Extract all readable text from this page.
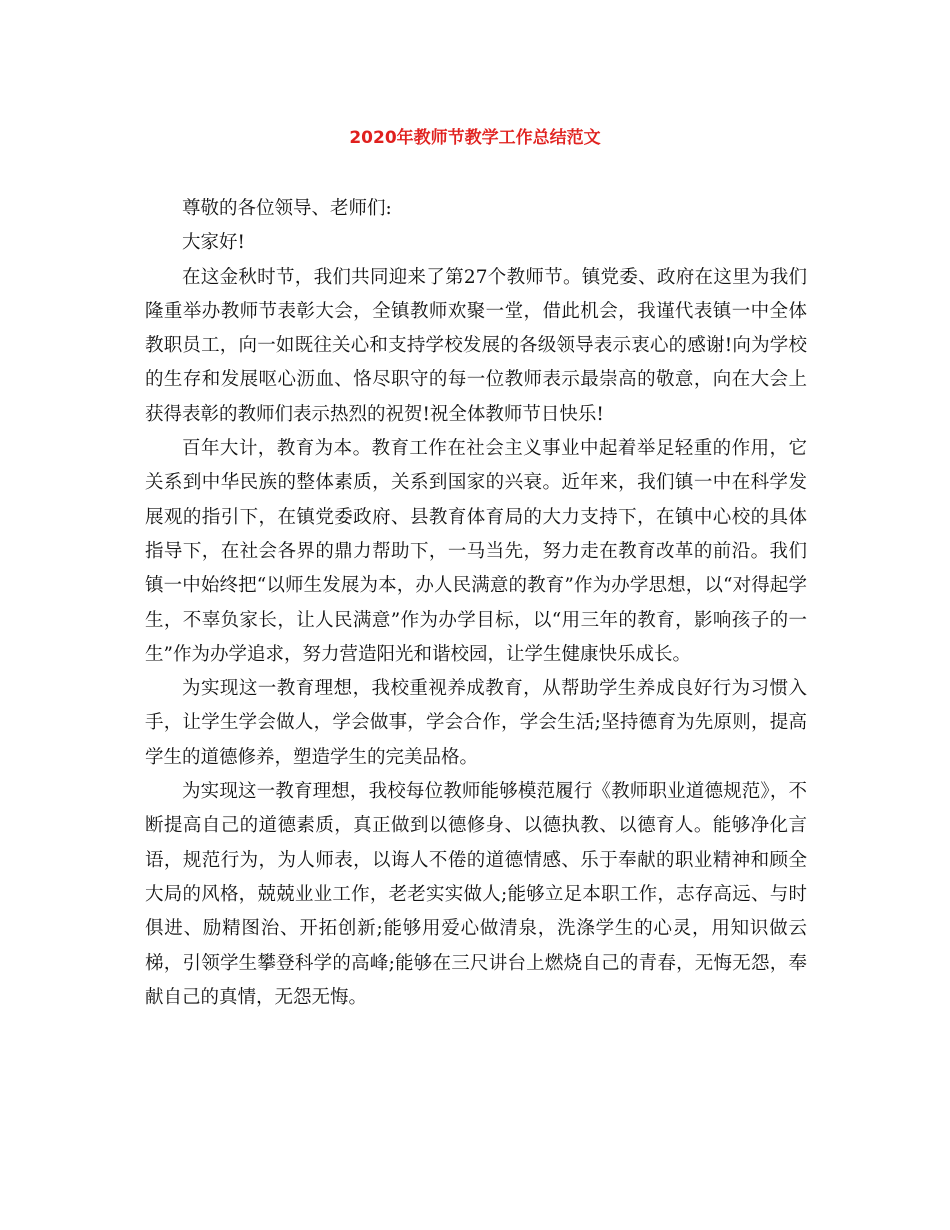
2020年教师节教学工作总结范文

尊敬的各位领导、老师们:

大家好!

在这金秋时节，我们共同迎来了第27个教师节。镇党委、政府在这里为我们隆重举办教师节表彰大会，全镇教师欢聚一堂，借此机会，我谨代表镇一中全体教职员工，向一如既往关心和支持学校发展的各级领导表示衷心的感谢!向为学校的生存和发展呕心沥血、恪尽职守的每一位教师表示最崇高的敬意，向在大会上获得表彰的教师们表示热烈的祝贺!祝全体教师节日快乐!

百年大计，教育为本。教育工作在社会主义事业中起着举足轻重的作用，它关系到中华民族的整体素质，关系到国家的兴衰。近年来，我们镇一中在科学发展观的指引下，在镇党委政府、县教育体育局的大力支持下，在镇中心校的具体指导下，在社会各界的鼎力帮助下，一马当先，努力走在教育改革的前沿。我们镇一中始终把“以师生发展为本，办人民满意的教育”作为办学思想，以“对得起学生，不辜负家长，让人民满意”作为办学目标，以“用三年的教育，影响孩子的一生”作为办学追求，努力营造阳光和谐校园，让学生健康快乐成长。

为实现这一教育理想，我校重视养成教育，从帮助学生养成良好行为习惯入手，让学生学会做人，学会做事，学会合作，学会生活;坚持德育为先原则，提高学生的道德修养，塑造学生的完美品格。

为实现这一教育理想，我校每位教师能够模范履行《教师职业道德规范》，不断提高自己的道德素质，真正做到以德修身、以德执教、以德育人。能够净化言语，规范行为，为人师表，以诲人不倦的道德情感、乐于奉献的职业精神和顾全大局的风格，兢兢业业工作，老老实实做人;能够立足本职工作，志存高远、与时俱进、励精图治、开拓创新;能够用爱心做清泉，洗涤学生的心灵，用知识做云梯，引领学生攀登科学的高峰;能够在三尺讲台上燃烧自己的青春，无悔无怨，奉献自己的真情，无怨无悔。
